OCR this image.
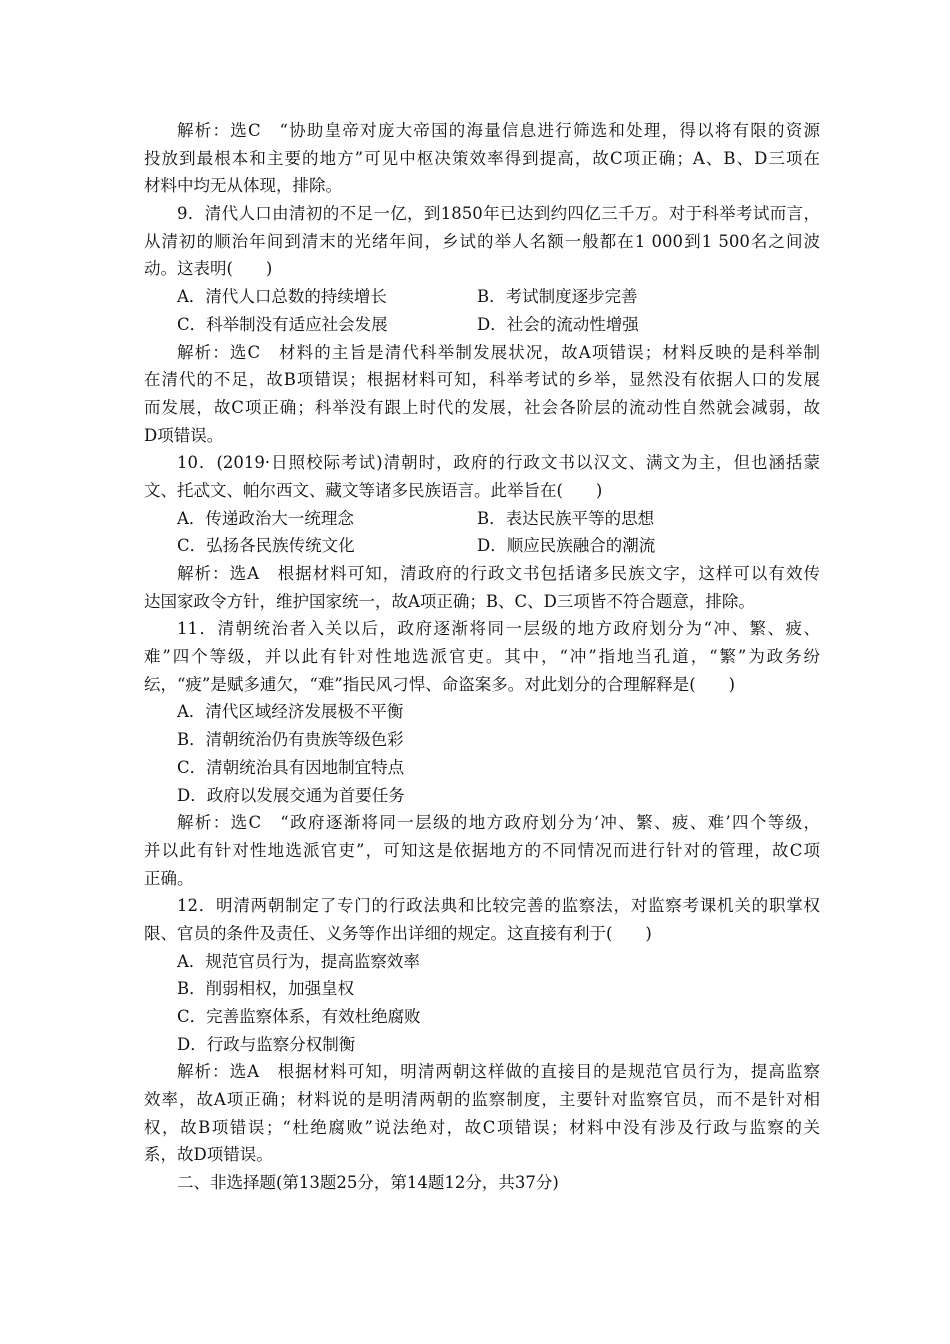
解析：选C　“协助皇帝对庞大帝国的海量信息进行筛选和处理，得以将有限的资源
投放到最根本和主要的地方”可见中枢决策效率得到提高，故C项正确；A、B、D三项在
材料中均无从体现，排除。
9．清代人口由清初的不足一亿，到1850年已达到约四亿三千万。对于科举考试而言，
从清初的顺治年间到清末的光绪年间，乡试的举人名额一般都在1 000到1 500名之间波
动。这表明(　　)
A．清代人口总数的持续增长	B．考试制度逐步完善
C．科举制没有适应社会发展	D．社会的流动性增强
解析：选C　材料的主旨是清代科举制发展状况，故A项错误；材料反映的是科举制
在清代的不足，故B项错误；根据材料可知，科举考试的乡举，显然没有依据人口的发展
而发展，故C项正确；科举没有跟上时代的发展，社会各阶层的流动性自然就会减弱，故
D项错误。
10．(2019·日照校际考试)清朝时，政府的行政文书以汉文、满文为主，但也涵括蒙
文、托忒文、帕尔西文、藏文等诸多民族语言。此举旨在(　　)
A．传递政治大一统理念	B．表达民族平等的思想
C．弘扬各民族传统文化	D．顺应民族融合的潮流
解析：选A　根据材料可知，清政府的行政文书包括诸多民族文字，这样可以有效传
达国家政令方针，维护国家统一，故A项正确；B、C、D三项皆不符合题意，排除。
11．清朝统治者入关以后，政府逐渐将同一层级的地方政府划分为“冲、繁、疲、
难”四个等级，并以此有针对性地选派官吏。其中，“冲”指地当孔道，“繁”为政务纷
纭，“疲”是赋多逋欠，“难”指民风刁悍、命盗案多。对此划分的合理解释是(　　)
A．清代区域经济发展极不平衡
B．清朝统治仍有贵族等级色彩
C．清朝统治具有因地制宜特点
D．政府以发展交通为首要任务
解析：选C　“政府逐渐将同一层级的地方政府划分为‘冲、繁、疲、难’四个等级，
并以此有针对性地选派官吏”，可知这是依据地方的不同情况而进行针对的管理，故C项
正确。
12．明清两朝制定了专门的行政法典和比较完善的监察法，对监察考课机关的职掌权
限、官员的条件及责任、义务等作出详细的规定。这直接有利于(　　)
A．规范官员行为，提高监察效率
B．削弱相权，加强皇权
C．完善监察体系，有效杜绝腐败
D．行政与监察分权制衡
解析：选A　根据材料可知，明清两朝这样做的直接目的是规范官员行为，提高监察
效率，故A项正确；材料说的是明清两朝的监察制度，主要针对监察官员，而不是针对相
权，故B项错误；“杜绝腐败”说法绝对，故C项错误；材料中没有涉及行政与监察的关
系，故D项错误。
二、非选择题(第13题25分，第14题12分，共37分)
